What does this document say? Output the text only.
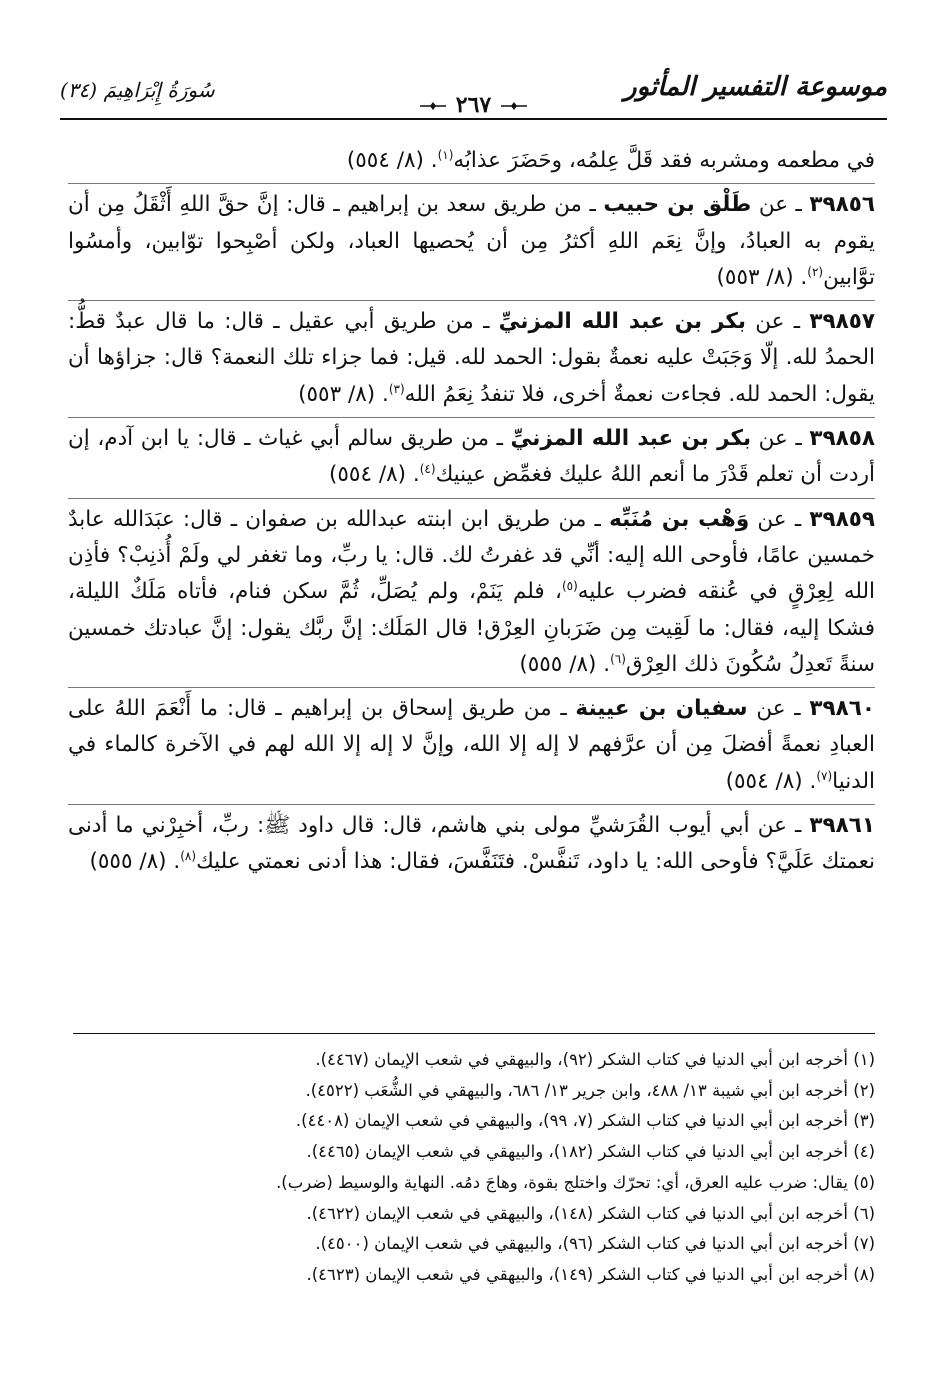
موسوعة التفسير المأثور
٢٦٧
سُورَةُ إِبْرَاهِيمَ (٣٤)

في مطعمه ومشربه فقد قَلَّ عِلمُه، وحَضَرَ عذابُه$^{(١)}$. (٨/ ٥٥٤)

٣٩٨٥٦ ـ عن طَلْق بن حبيب ـ من طريق سعد بن إبراهيم ـ قال: إنَّ حقَّ اللهِ أَثْقَلُ مِن أن يقوم به العبادُ، وإنَّ نِعَم اللهِ أكثرُ مِن أن يُحصيها العباد، ولكن أصْبِحوا توّابين، وأمسُوا توَّابين$^{(٢)}$. (٨/ ٥٥٣)

٣٩٨٥٧ ـ عن بكر بن عبد الله المزنيِّ ـ من طريق أبي عقيل ـ قال: ما قال عبدٌ قطُّ: الحمدُ لله. إلّا وَجَبَتْ عليه نعمةٌ بقول: الحمد لله. قيل: فما جزاء تلك النعمة؟ قال: جزاؤها أن يقول: الحمد لله. فجاءت نعمةٌ أخرى، فلا تنفدُ نِعَمُ الله$^{(٣)}$. (٨/ ٥٥٣)

٣٩٨٥٨ ـ عن بكر بن عبد الله المزنيِّ ـ من طريق سالم أبي غياث ـ قال: يا ابن آدم، إن أردت أن تعلم قَدْرَ ما أنعم اللهُ عليك فغمِّض عينيك$^{(٤)}$. (٨/ ٥٥٤)

٣٩٨٥٩ ـ عن وَهْب بن مُنَبِّه ـ من طريق ابن ابنته عبدالله بن صفوان ـ قال: عبَدَالله عابدٌ خمسين عامًا، فأوحى الله إليه: أنِّي قد غفرتُ لك. قال: يا ربِّ، وما تغفر لي ولَمْ أُذنِبْ؟ فأذِن الله لِعِرْقٍ في عُنقه فضرب عليه$^{(٥)}$، فلم يَنَمْ، ولم يُصَلِّ، ثُمَّ سكن فنام، فأتاه مَلَكٌ الليلة، فشكا إليه، فقال: ما لَقِيت مِن ضَرَبانِ العِرْق! قال المَلَك: إنَّ ربَّك يقول: إنَّ عبادتك خمسين سنةً تَعدِلُ سُكُونَ ذلك العِرْق$^{(٦)}$. (٨/ ٥٥٥)

٣٩٨٦٠ ـ عن سفيان بن عيينة ـ من طريق إسحاق بن إبراهيم ـ قال: ما أَنْعَمَ اللهُ على العبادِ نعمةً أفضلَ مِن أن عرَّفهم لا إله إلا الله، وإنَّ لا إله إلا الله لهم في الآخرة كالماء في الدنيا$^{(٧)}$. (٨/ ٥٥٤)

٣٩٨٦١ ـ عن أبي أيوب القُرَشيِّ مولى بني هاشم، قال: قال داود ﷺ: ربِّ، أخبِرْني ما أدنى نعمتك عَلَيَّ؟ فأوحى الله: يا داود، تَنفَّسْ. فتَنَفَّسَ، فقال: هذا أدنى نعمتي عليك$^{(٨)}$. (٨/ ٥٥٥)

(١) أخرجه ابن أبي الدنيا في كتاب الشكر (٩٢)، والبيهقي في شعب الإيمان (٤٤٦٧).

(٢) أخرجه ابن أبي شيبة ١٣/ ٤٨٨، وابن جرير ١٣/ ٦٨٦، والبيهقي في الشُّعَب (٤٥٢٢).

(٣) أخرجه ابن أبي الدنيا في كتاب الشكر (٧، ٩٩)، والبيهقي في شعب الإيمان (٤٤٠٨).

(٤) أخرجه ابن أبي الدنيا في كتاب الشكر (١٨٢)، والبيهقي في شعب الإيمان (٤٤٦٥).

(٥) يقال: ضرب عليه العرق، أي: تحرّك واختلج بقوة، وهاجَ دمُه. النهاية والوسيط (ضرب).

(٦) أخرجه ابن أبي الدنيا في كتاب الشكر (١٤٨)، والبيهقي في شعب الإيمان (٤٦٢٢).

(٧) أخرجه ابن أبي الدنيا في كتاب الشكر (٩٦)، والبيهقي في شعب الإيمان (٤٥٠٠).

(٨) أخرجه ابن أبي الدنيا في كتاب الشكر (١٤٩)، والبيهقي في شعب الإيمان (٤٦٢٣).
